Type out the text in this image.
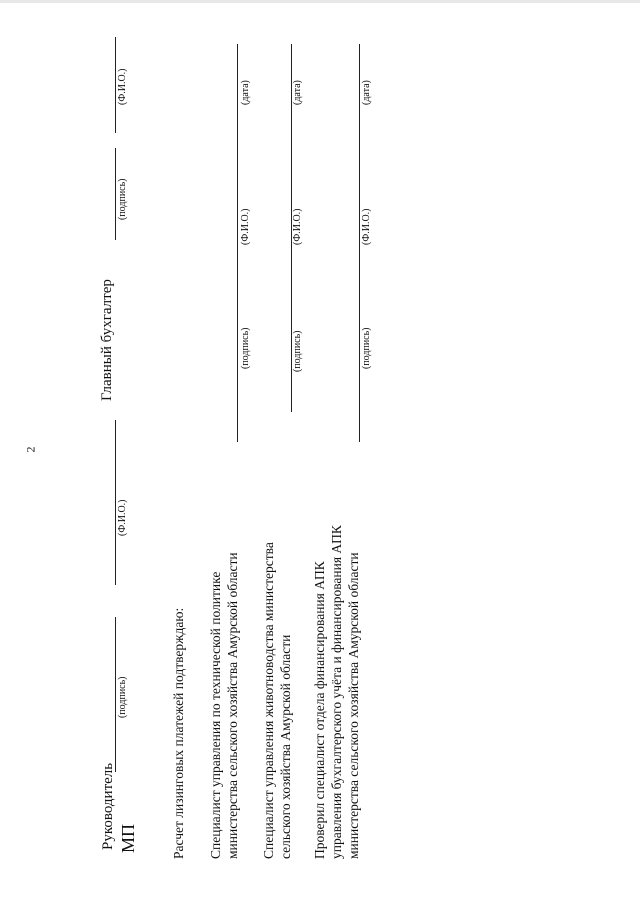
2
Руководитель МП
(подпись)
(Ф.И.О.)
Главный бухгалтер
(подпись)
(Ф.И.О.)
Расчет лизинговых платежей подтверждаю: Специалист управления по технической политике министерства сельского хозяйства Амурской области
(подпись)
(Ф.И.О.)
(дата)
Специалист управления животноводства министерства сельского хозяйства Амурской области
(подпись)
(Ф.И.О.)
(дата)
Проверил специалист отдела финансирования АПК управления бухгалтерского учёта и финансирования АПК министерства сельского хозяйства Амурской области
(подпись)
(Ф.И.О.)
(дата)
